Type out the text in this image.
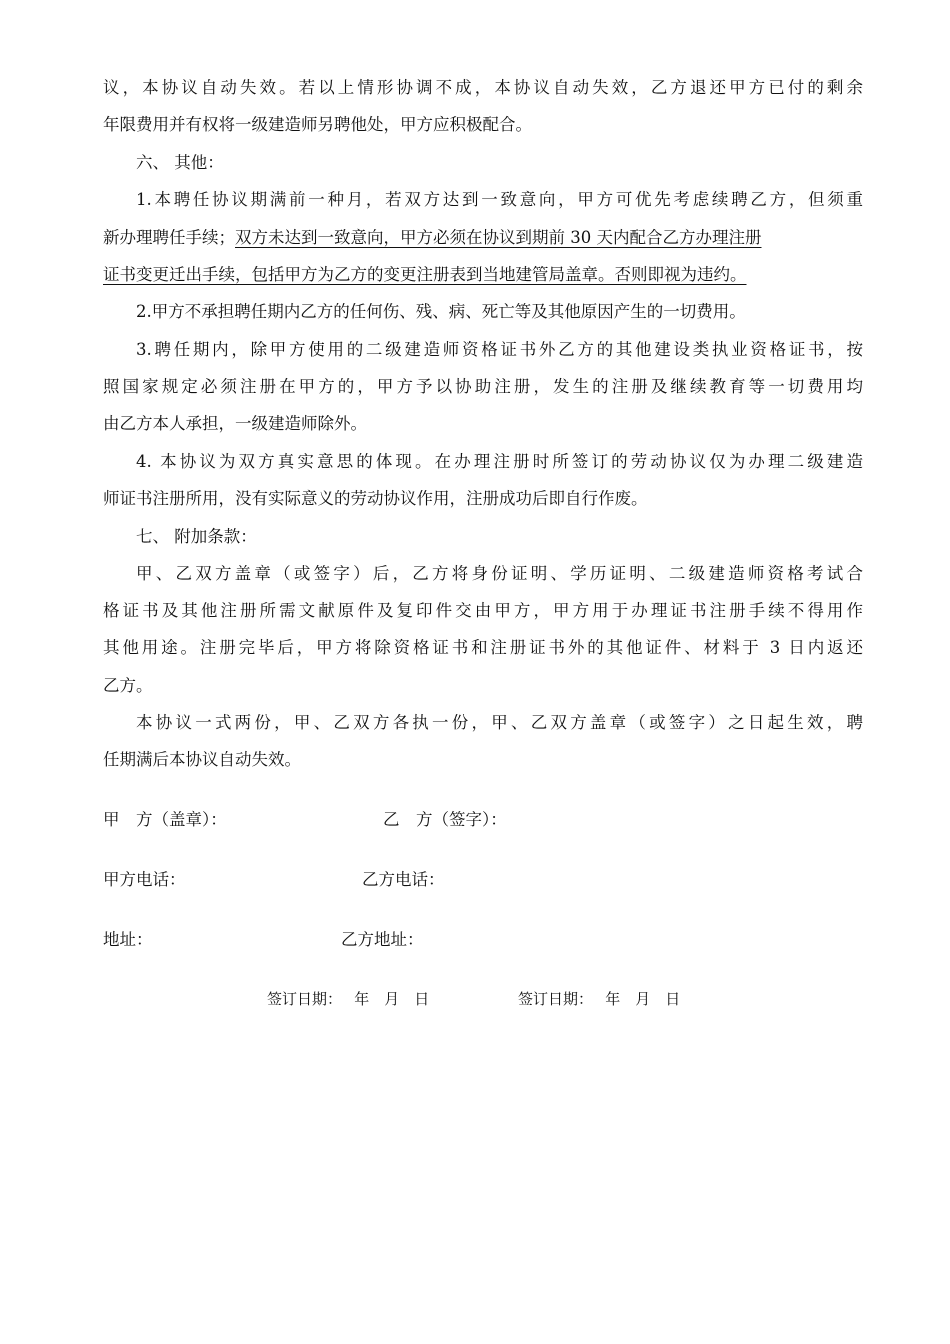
议，本协议自动失效。若以上情形协调不成，本协议自动失效，乙方退还甲方已付的剩余
年限费用并有权将一级建造师另聘他处，甲方应积极配合。
六、 其他：
1.本聘任协议期满前一种月，若双方达到一致意向，甲方可优先考虑续聘乙方，但须重
新办理聘任手续；双方未达到一致意向，甲方必须在协议到期前 30 天内配合乙方办理注册
证书变更迁出手续，包括甲方为乙方的变更注册表到当地建管局盖章。否则即视为违约。
2.甲方不承担聘任期内乙方的任何伤、残、病、死亡等及其他原因产生的一切费用。
3.聘任期内，除甲方使用的二级建造师资格证书外乙方的其他建设类执业资格证书，按
照国家规定必须注册在甲方的，甲方予以协助注册，发生的注册及继续教育等一切费用均
由乙方本人承担，一级建造师除外。
4. 本协议为双方真实意思的体现。在办理注册时所签订的劳动协议仅为办理二级建造
师证书注册所用，没有实际意义的劳动协议作用，注册成功后即自行作废。
七、 附加条款：
甲、乙双方盖章（或签字）后，乙方将身份证明、学历证明、二级建造师资格考试合
格证书及其他注册所需文献原件及复印件交由甲方，甲方用于办理证书注册手续不得用作
其他用途。注册完毕后，甲方将除资格证书和注册证书外的其他证件、材料于 3 日内返还
乙方。
本协议一式两份，甲、乙双方各执一份，甲、乙双方盖章（或签字）之日起生效，聘
任期满后本协议自动失效。
甲　方（盖章）：	乙　方（签字）：
甲方电话：	乙方电话：
地址：	乙方地址：
签订日期：　 年　月　日	签订日期：　 年　月　日
